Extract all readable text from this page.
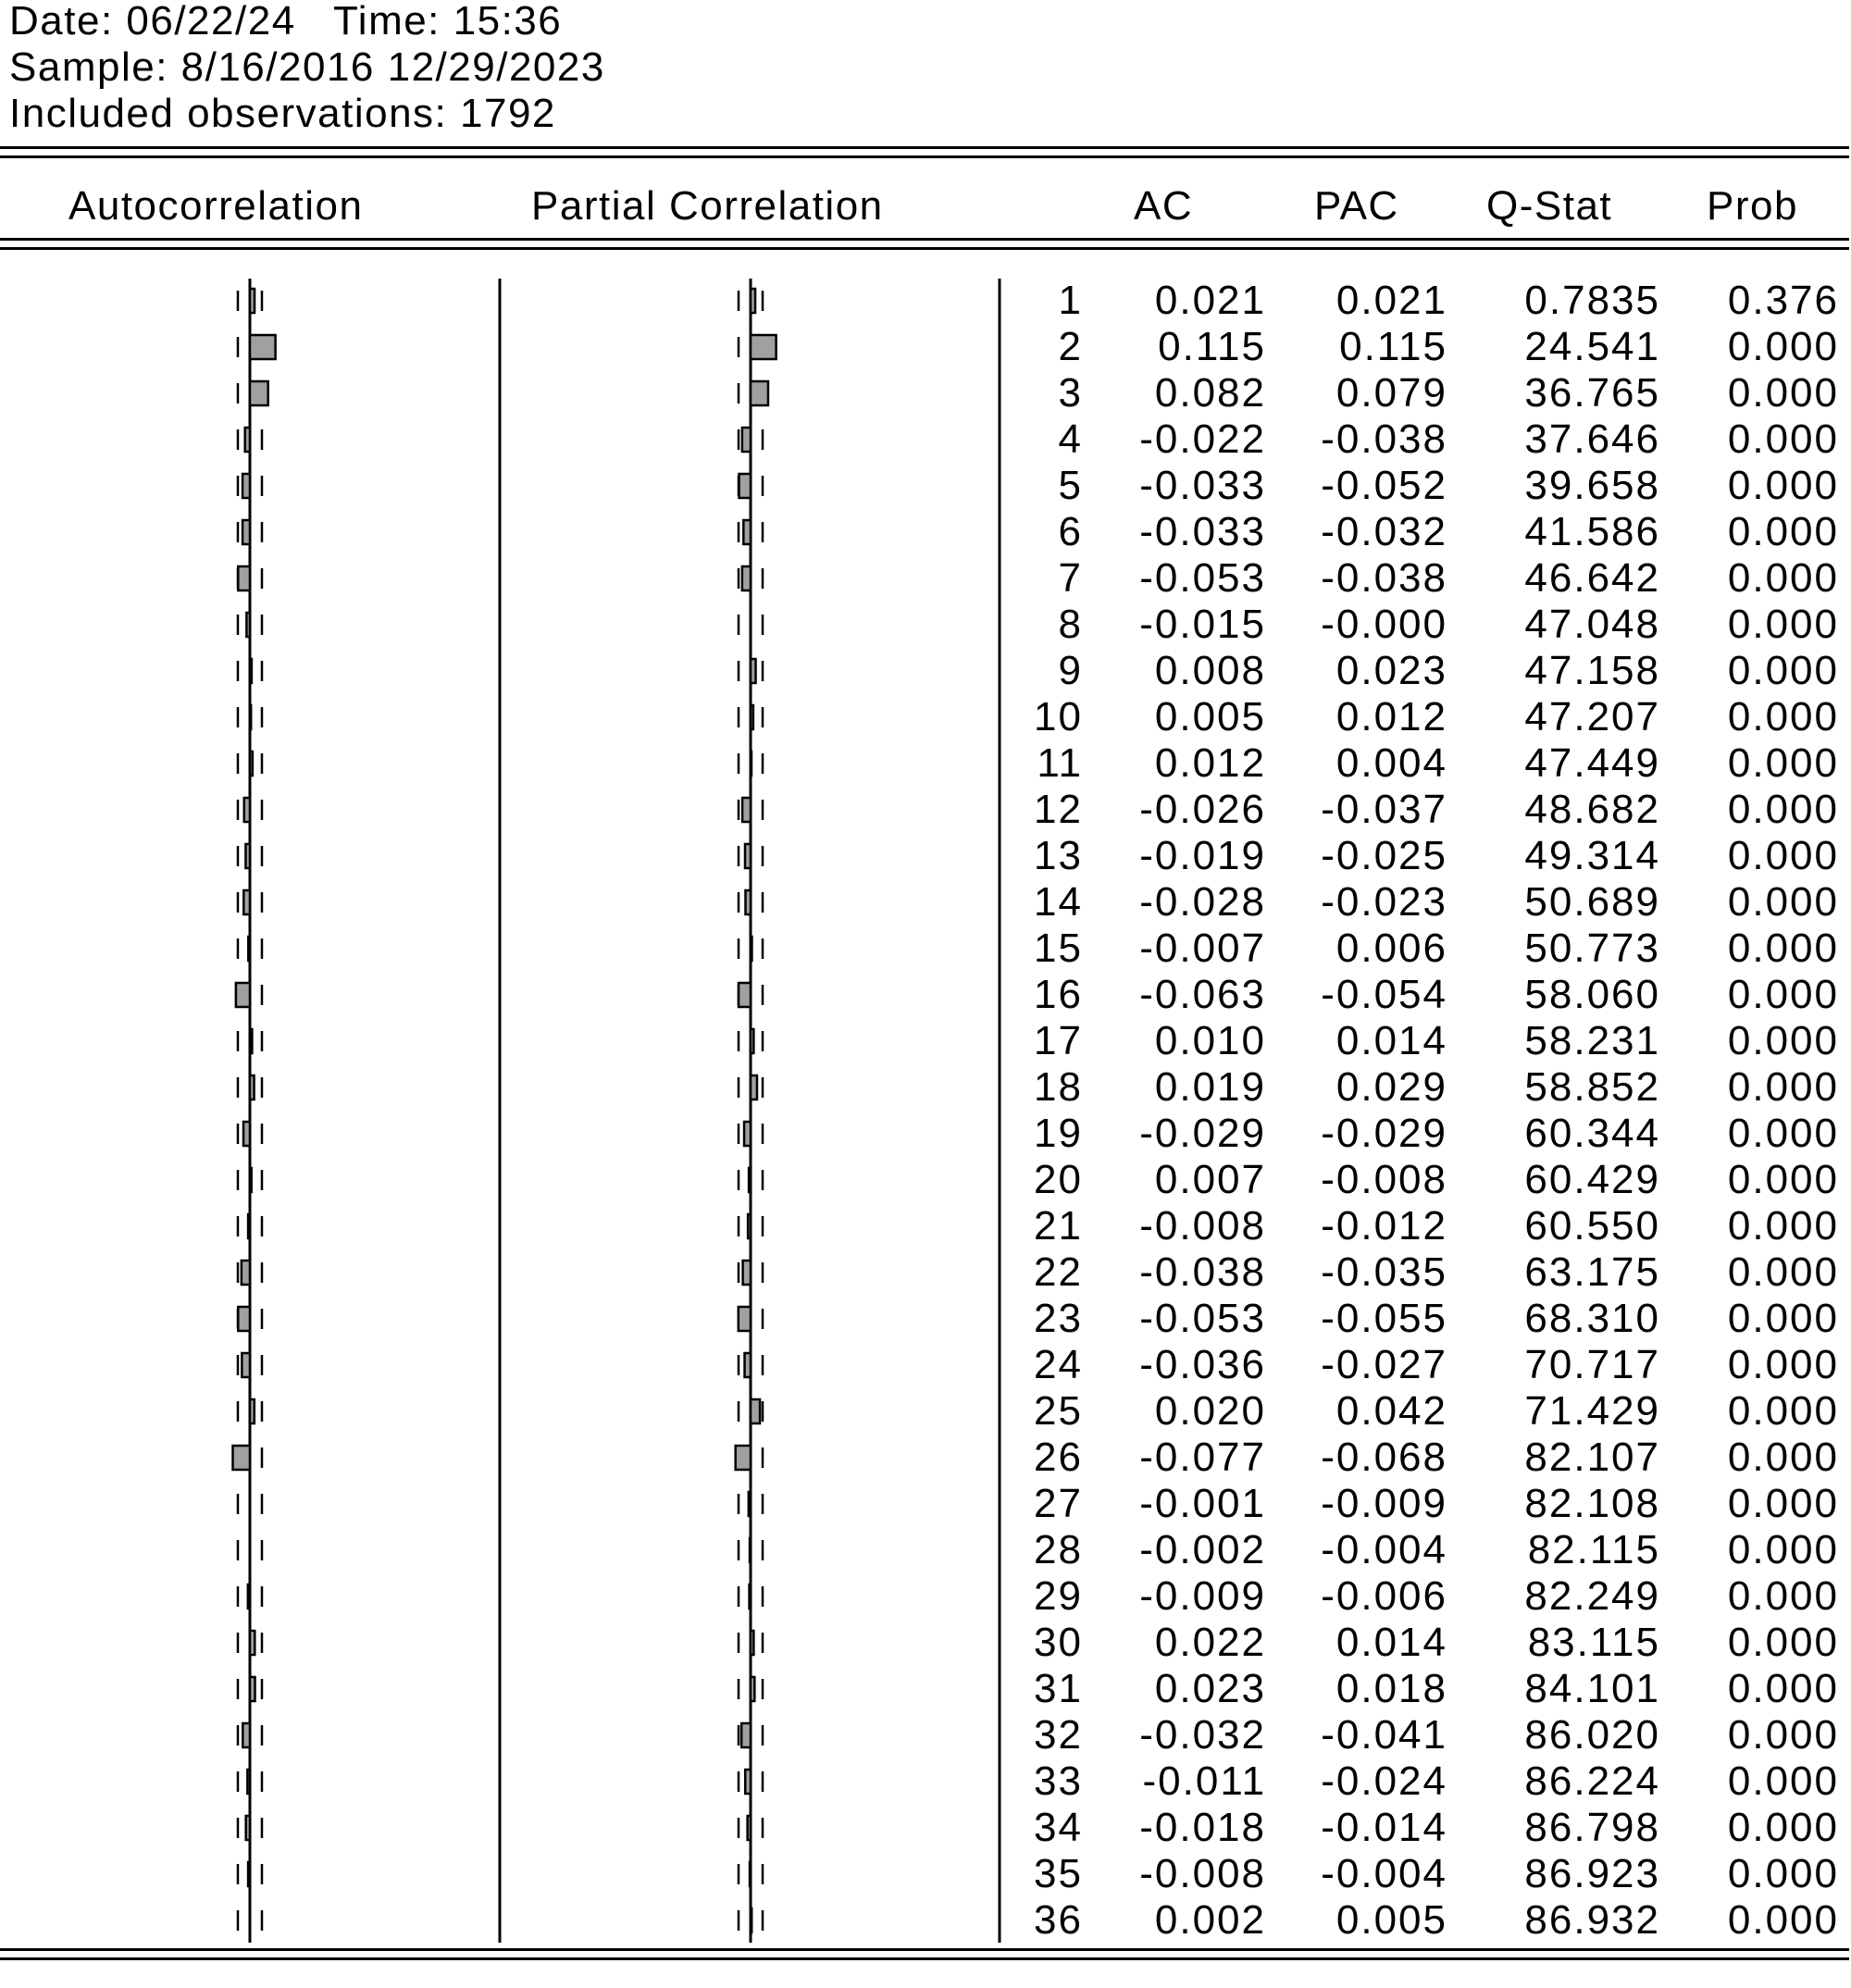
Date: 06/22/24   Time: 15:36
Sample: 8/16/2016 12/29/2023
Included observations: 1792
Autocorrelation	Partial Correlation	AC	PAC Q-Stat Prob
1 0.021 0.021 0.7835 0.376
2 0.115 0.115 24.541 0.000
3 0.082 0.079 36.765 0.000
4 -0.022 -0.038 37.646 0.000
5 -0.033 -0.052 39.658 0.000
6 -0.033 -0.032 41.586 0.000
7 -0.053 -0.038 46.642 0.000
8 -0.015 -0.000 47.048 0.000
9 0.008 0.023 47.158 0.000
10 0.005 0.012 47.207 0.000
11 0.012 0.004 47.449 0.000
12 -0.026 -0.037 48.682 0.000
13 -0.019 -0.025 49.314 0.000
14 -0.028 -0.023 50.689 0.000
15 -0.007 0.006 50.773 0.000
16 -0.063 -0.054 58.060 0.000
17 0.010 0.014 58.231 0.000
18 0.019 0.029 58.852 0.000
19 -0.029 -0.029 60.344 0.000
20 0.007 -0.008 60.429 0.000
21 -0.008 -0.012 60.550 0.000
22 -0.038 -0.035 63.175 0.000
23 -0.053 -0.055 68.310 0.000
24 -0.036 -0.027 70.717 0.000
25 0.020 0.042 71.429 0.000
26 -0.077 -0.068 82.107 0.000
27 -0.001 -0.009 82.108 0.000
28 -0.002 -0.004 82.115 0.000
29 -0.009 -0.006 82.249 0.000
30 0.022 0.014 83.115 0.000
31 0.023 0.018 84.101 0.000
32 -0.032 -0.041 86.020 0.000
33 -0.011 -0.024 86.224 0.000
34 -0.018 -0.014 86.798 0.000
35 -0.008 -0.004 86.923 0.000
36 0.002 0.005 86.932 0.000
